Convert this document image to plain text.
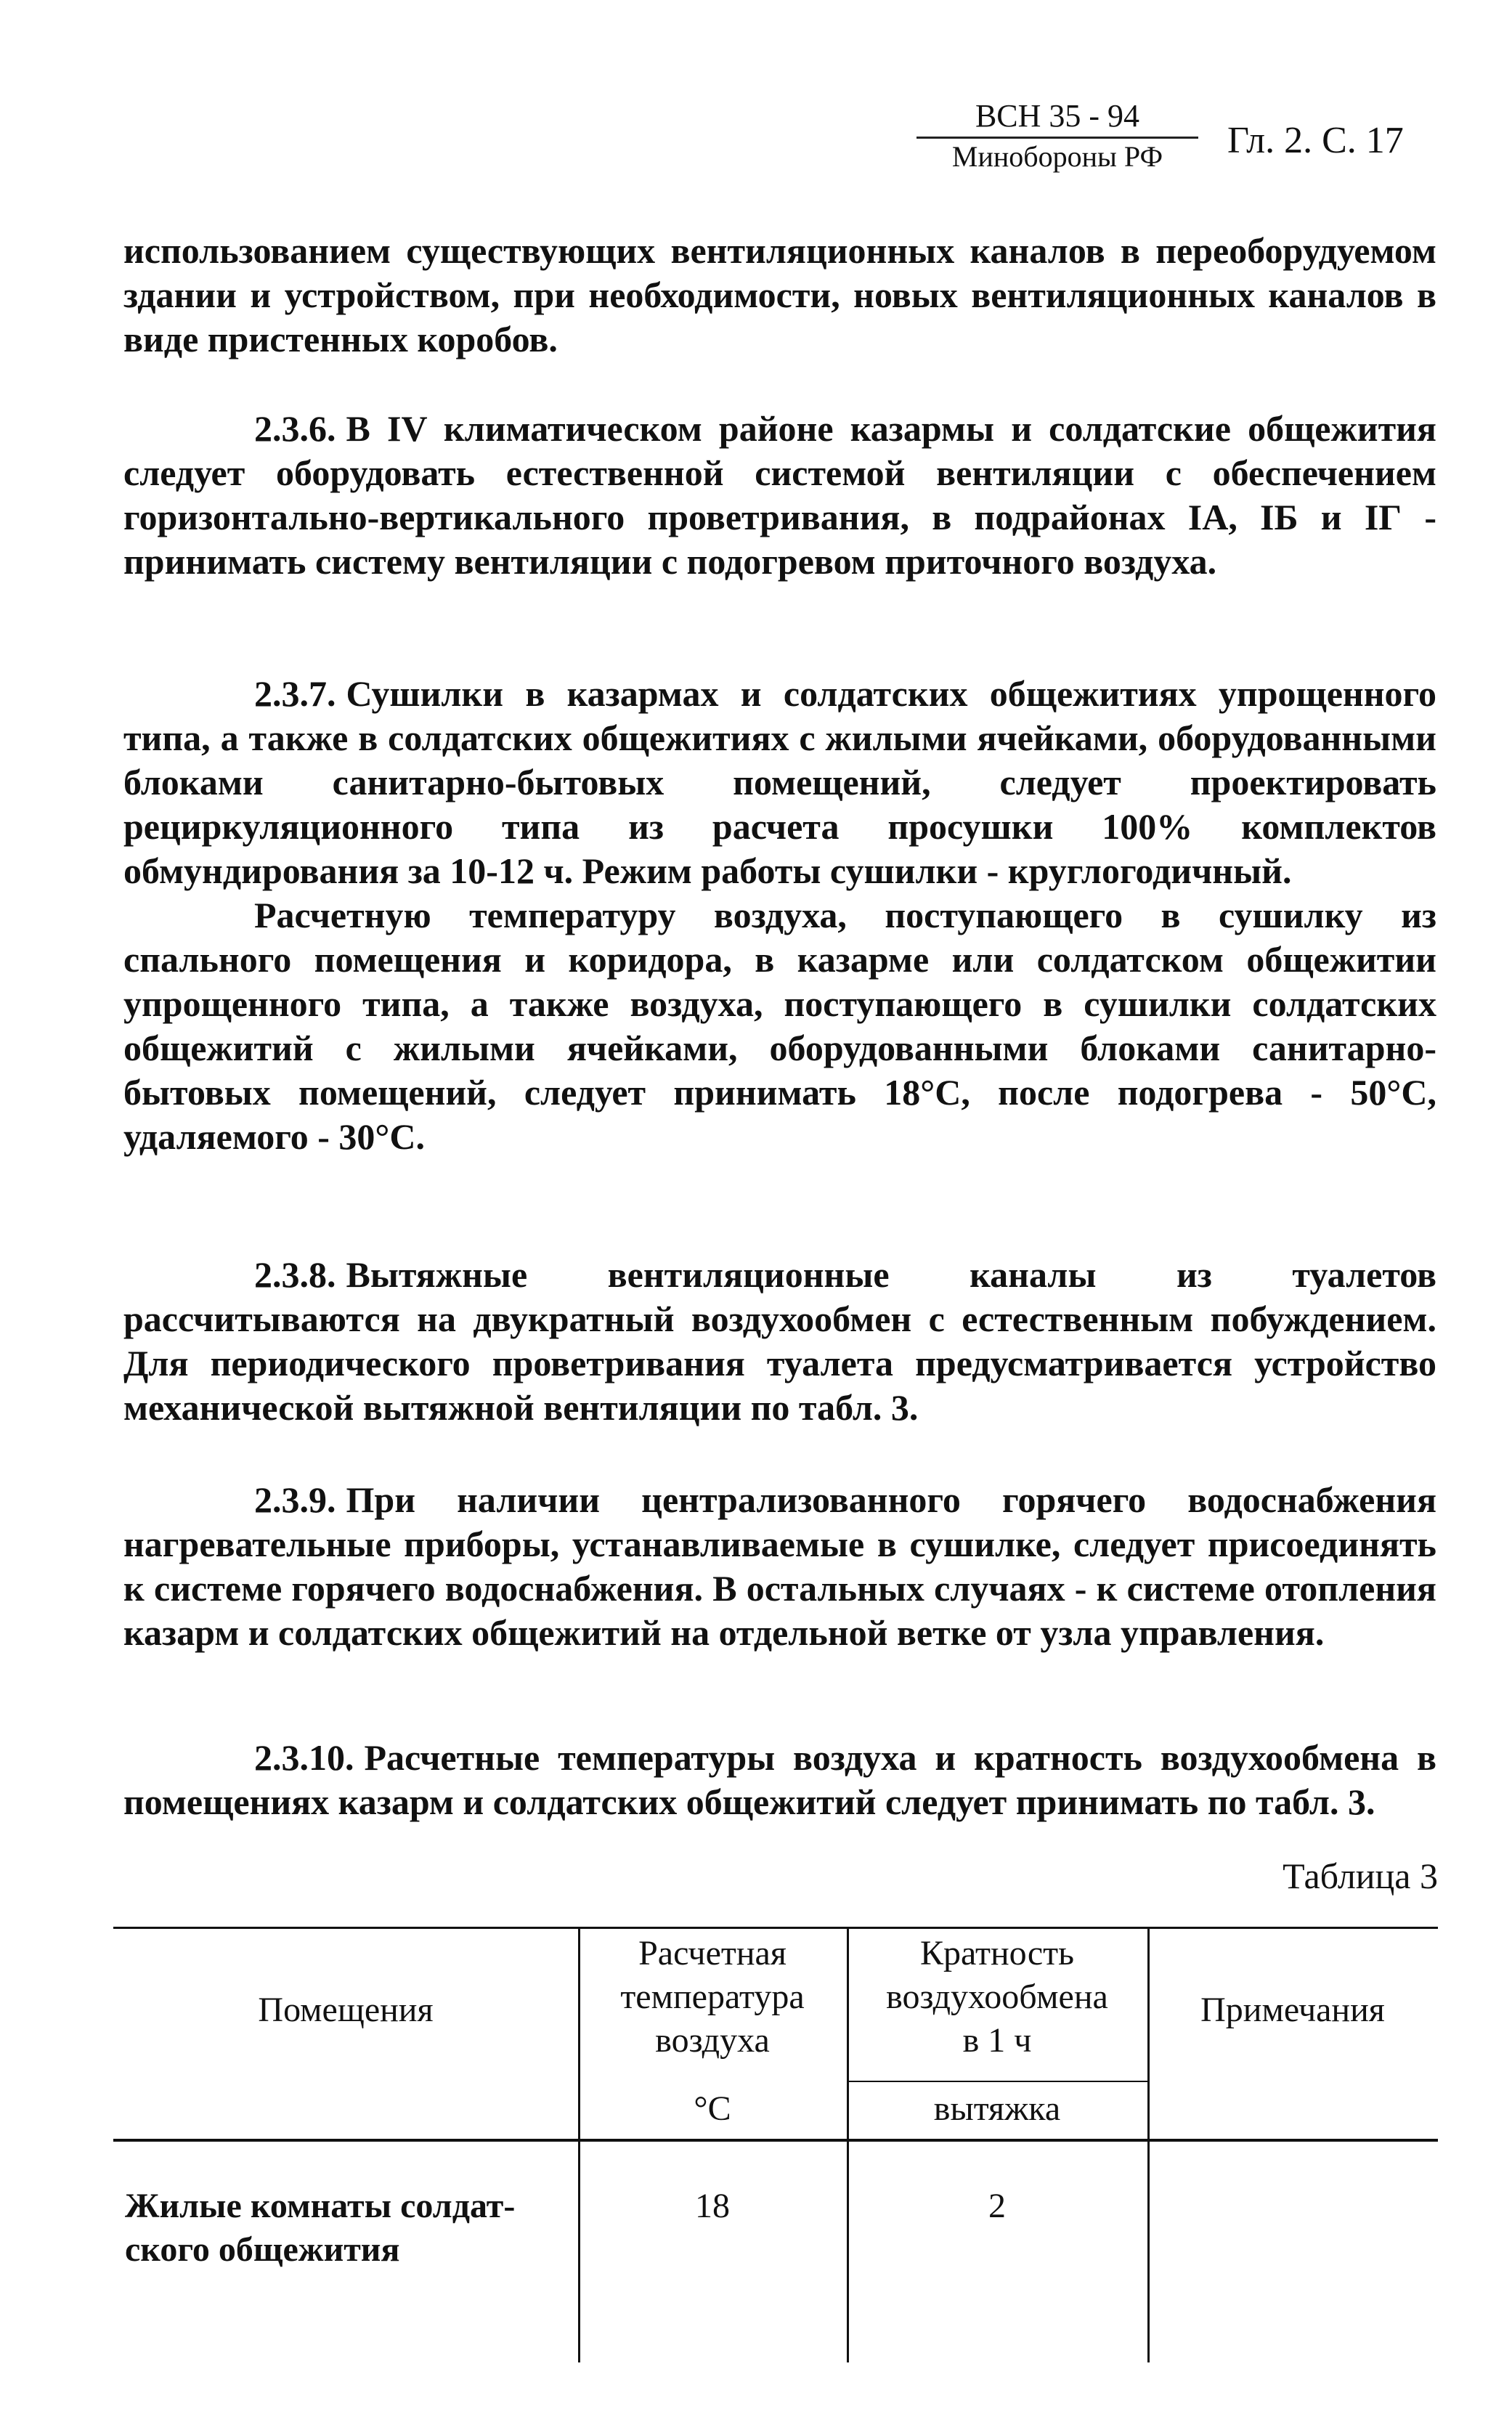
ВСН 35 - 94
Минобороны РФ	Гл. 2. С. 17

использованием существующих вентиляционных каналов в переоборудуемом здании и устройством, при необходимости, новых вентиляционных каналов в виде пристенных коробов.

2.3.6. В IV климатическом районе казармы и солдатские общежития следует оборудовать естественной системой вентиляции с обеспечением горизонтально-вертикального проветривания, в подрайонах IА, IБ и IГ - принимать систему вентиляции с подогревом приточного воздуха.

2.3.7. Сушилки в казармах и солдатских общежитиях упрощенного типа, а также в солдатских общежитиях с жилыми ячейками, оборудованными блоками санитарно-бытовых помещений, следует проектировать рециркуляционного типа из расчета просушки 100% комплектов обмундирования за 10-12 ч. Режим работы сушилки - круглогодичный.

Расчетную температуру воздуха, поступающего в сушилку из спального помещения и коридора, в казарме или солдатском общежитии упрощенного типа, а также воздуха, поступающего в сушилки солдатских общежитий с жилыми ячейками, оборудованными блоками санитарно-бытовых помещений, следует принимать 18°С, после подогрева - 50°С, удаляемого - 30°С.

2.3.8. Вытяжные вентиляционные каналы из туалетов рассчитываются на двукратный воздухообмен с естественным побуждением. Для периодического проветривания туалета предусматривается устройство механической вытяжной вентиляции по табл. 3.

2.3.9. При наличии централизованного горячего водоснабжения нагревательные приборы, устанавливаемые в сушилке, следует присоединять к системе горячего водоснабжения. В остальных случаях - к системе отопления казарм и солдатских общежитий на отдельной ветке от узла управления.

2.3.10. Расчетные температуры воздуха и кратность воздухообмена в помещениях казарм и солдатских общежитий следует принимать по табл. 3.

Таблица 3
Помещения
Расчетная
температура
воздуха
°С
Кратность
воздухообмена
в 1 ч
вытяжка
Примечания
Жилые комнаты солдат-
ского общежития
18	2
